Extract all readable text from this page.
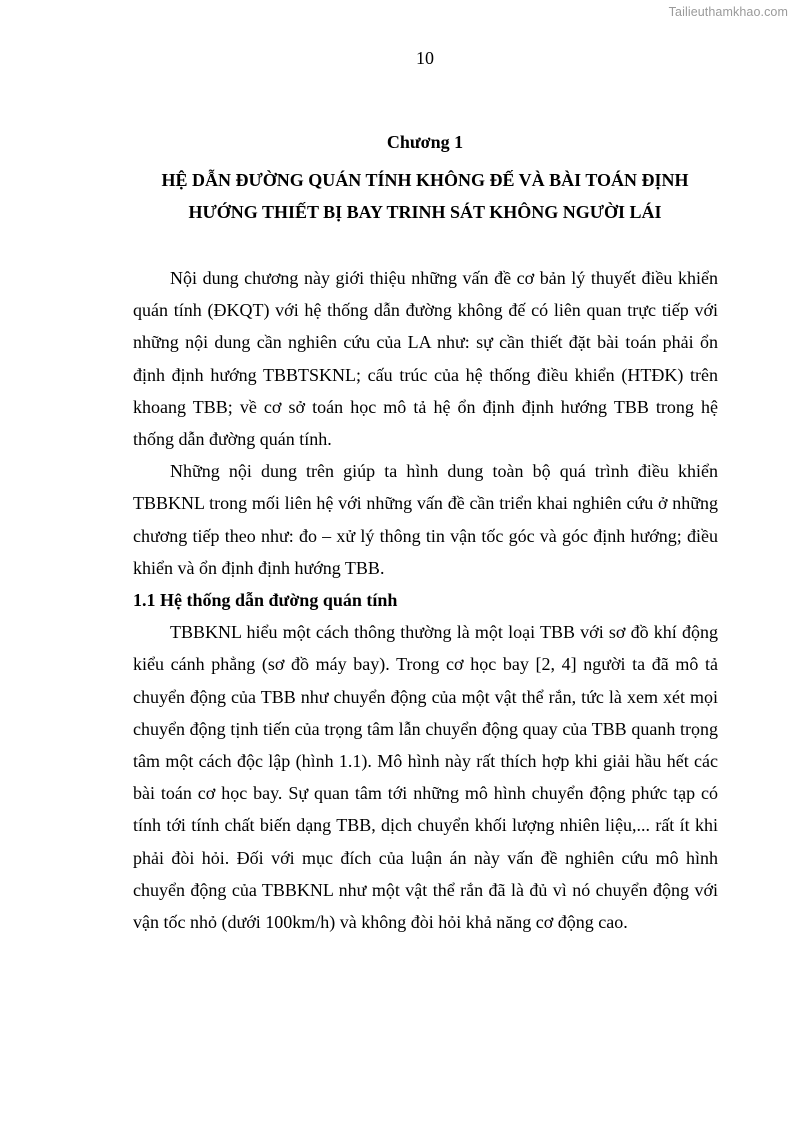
Tailieuthamkhao.com
10
Chương 1
HỆ DẪN ĐƯỜNG QUÁN TÍNH KHÔNG ĐẾ VÀ BÀI TOÁN ĐỊNH
HƯỚNG THIẾT BỊ BAY TRINH SÁT KHÔNG NGƯỜI LÁI

Nội dung chương này giới thiệu những vấn đề cơ bản lý thuyết điều khiển quán tính (ĐKQT) với hệ thống dẫn đường không đế có liên quan trực tiếp với những nội dung cần nghiên cứu của LA như: sự cần thiết đặt bài toán phải ổn định định hướng TBBTSKNL; cấu trúc của hệ thống điều khiển (HTĐK) trên khoang TBB; về cơ sở toán học mô tả hệ ổn định định hướng TBB trong hệ thống dẫn đường quán tính.

Những nội dung trên giúp ta hình dung toàn bộ quá trình điều khiển TBBKNL trong mối liên hệ với những vấn đề cần triển khai nghiên cứu ở những chương tiếp theo như: đo – xử lý thông tin vận tốc góc và góc định hướng; điều khiển và ổn định định hướng TBB.

1.1 Hệ thống dẫn đường quán tính

TBBKNL hiểu một cách thông thường là một loại TBB với sơ đồ khí động kiểu cánh phẳng (sơ đồ máy bay). Trong cơ học bay [2, 4] người ta đã mô tả chuyển động của TBB như chuyển động của một vật thể rắn, tức là xem xét mọi chuyển động tịnh tiến của trọng tâm lẫn chuyển động quay của TBB quanh trọng tâm một cách độc lập (hình 1.1). Mô hình này rất thích hợp khi giải hầu hết các bài toán cơ học bay. Sự quan tâm tới những mô hình chuyển động phức tạp có tính tới tính chất biến dạng TBB, dịch chuyển khối lượng nhiên liệu,... rất ít khi phải đòi hỏi. Đối với mục đích của luận án này vấn đề nghiên cứu mô hình chuyển động của TBBKNL như một vật thể rắn đã là đủ vì nó chuyển động với vận tốc nhỏ (dưới 100km/h) và không đòi hỏi khả năng cơ động cao.
